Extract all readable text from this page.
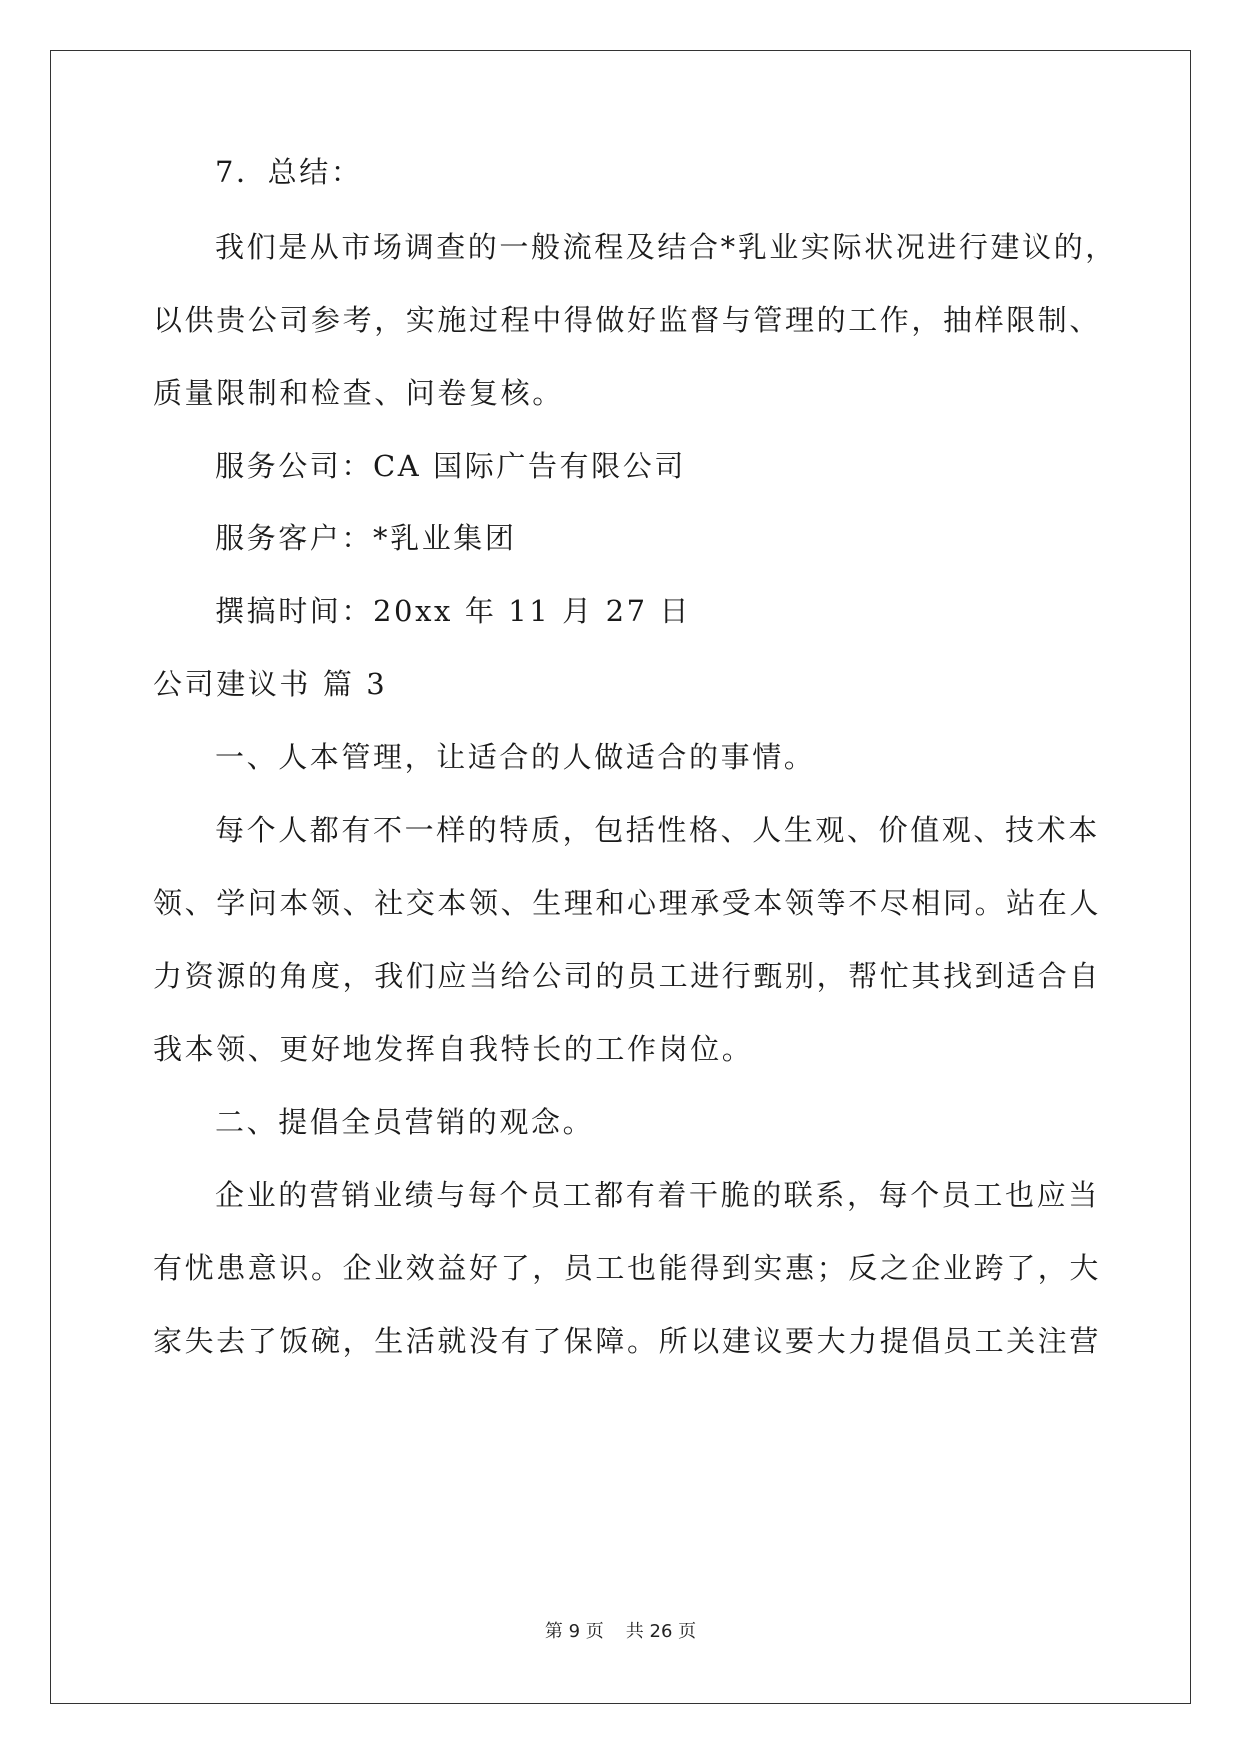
7．总结：
我们是从市场调查的一般流程及结合*乳业实际状况进行建议的，
以供贵公司参考，实施过程中得做好监督与管理的工作，抽样限制、
质量限制和检查、问卷复核。
服务公司：CA 国际广告有限公司
服务客户：*乳业集团
撰搞时间：20xx 年 11 月 27 日
公司建议书 篇 3
一、人本管理，让适合的人做适合的事情。
每个人都有不一样的特质，包括性格、人生观、价值观、技术本
领、学问本领、社交本领、生理和心理承受本领等不尽相同。站在人
力资源的角度，我们应当给公司的员工进行甄别，帮忙其找到适合自
我本领、更好地发挥自我特长的工作岗位。
二、提倡全员营销的观念。
企业的营销业绩与每个员工都有着干脆的联系，每个员工也应当
有忧患意识。企业效益好了，员工也能得到实惠；反之企业跨了，大
家失去了饭碗，生活就没有了保障。所以建议要大力提倡员工关注营
第 9 页 共 26 页
